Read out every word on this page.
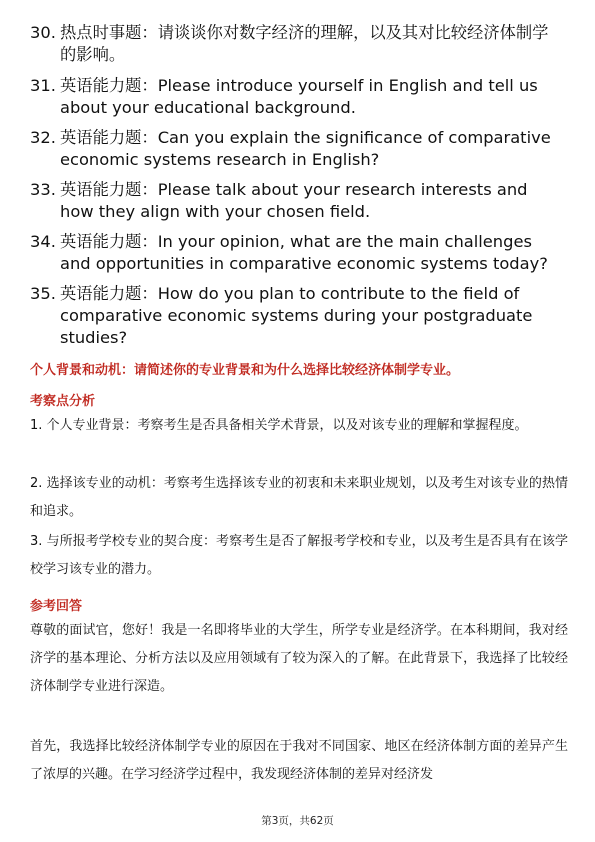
30. 热点时事题：请谈谈你对数字经济的理解，以及其对比较经济体制学的影响。
31. 英语能力题：Please introduce yourself in English and tell us about your educational background.
32. 英语能力题：Can you explain the significance of comparative economic systems research in English?
33. 英语能力题：Please talk about your research interests and how they align with your chosen field.
34. 英语能力题：In your opinion, what are the main challenges and opportunities in comparative economic systems today?
35. 英语能力题：How do you plan to contribute to the field of comparative economic systems during your postgraduate studies?
个人背景和动机：请简述你的专业背景和为什么选择比较经济体制学专业。
考察点分析
1. 个人专业背景：考察考生是否具备相关学术背景，以及对该专业的理解和掌握程度。
2. 选择该专业的动机：考察考生选择该专业的初衷和未来职业规划，以及考生对该专业的热情和追求。
3. 与所报考学校专业的契合度：考察考生是否了解报考学校和专业，以及考生是否具有在该学校学习该专业的潜力。
参考回答
尊敬的面试官，您好！我是一名即将毕业的大学生，所学专业是经济学。在本科期间，我对经济学的基本理论、分析方法以及应用领域有了较为深入的了解。在此背景下，我选择了比较经济体制学专业进行深造。
首先，我选择比较经济体制学专业的原因在于我对不同国家、地区在经济体制方面的差异产生了浓厚的兴趣。在学习经济学过程中，我发现经济体制的差异对经济发
第3页，共62页
